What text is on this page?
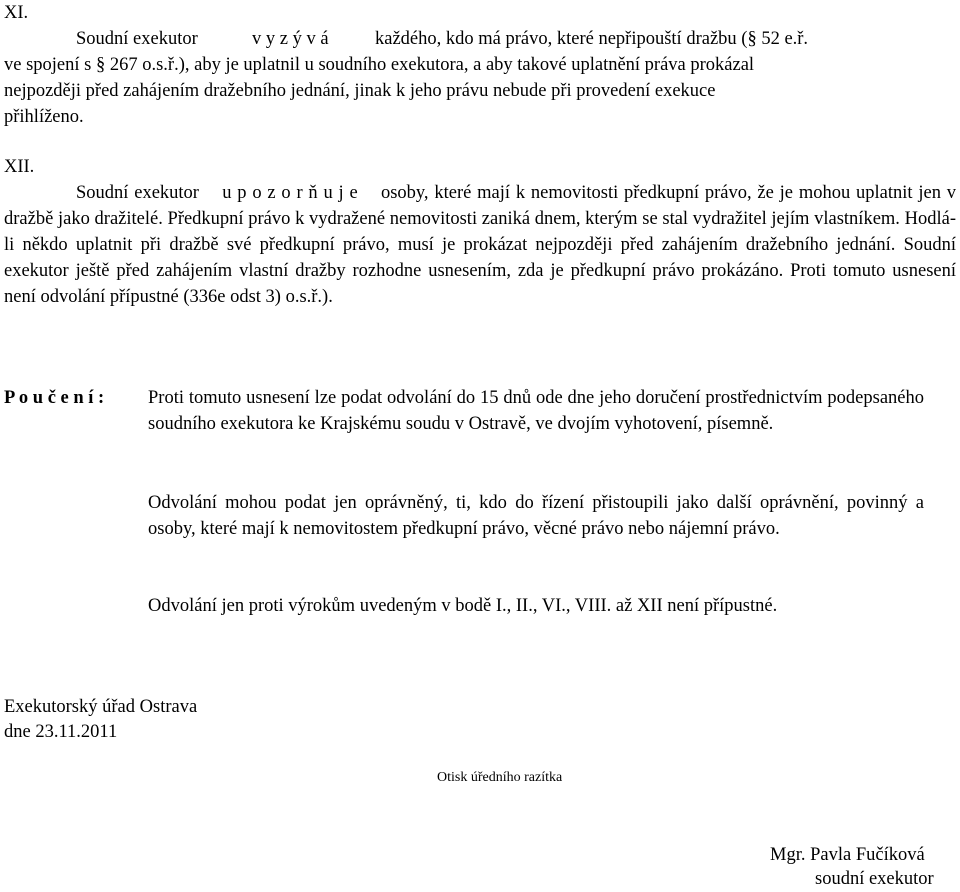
XI.
Soudní exekutor	v y z ý v á	každého, kdo má právo, které nepřipouští dražbu (§ 52 e.ř.
ve spojení s § 267 o.s.ř.), aby je uplatnil u soudního exekutora, a aby takové uplatnění práva prokázal
nejpozději před zahájením dražebního jednání, jinak k jeho právu nebude při provedení exekuce
přihlíženo.
XII.
Soudní exekutor u p o z o r ň u j e osoby, které mají k nemovitosti předkupní právo, že je mohou uplatnit jen v dražbě jako dražitelé. Předkupní právo k vydražené nemovitosti zaniká dnem, kterým se stal vydražitel jejím vlastníkem. Hodlá-li někdo uplatnit při dražbě své předkupní právo, musí je prokázat nejpozději před zahájením dražebního jednání. Soudní exekutor ještě před zahájením vlastní dražby rozhodne usnesením, zda je předkupní právo prokázáno. Proti tomuto usnesení není odvolání přípustné (336e odst 3) o.s.ř.).
P o u č e n í : Proti tomuto usnesení lze podat odvolání do 15 dnů ode dne jeho doručení prostřednictvím podepsaného soudního exekutora ke Krajskému soudu v Ostravě, ve dvojím vyhotovení, písemně.
Odvolání mohou podat jen oprávněný, ti, kdo do řízení přistoupili jako další oprávnění, povinný a osoby, které mají k nemovitostem předkupní právo, věcné právo nebo nájemní právo.
Odvolání jen proti výrokům uvedeným v bodě I., II., VI., VIII. až XII není přípustné.
Exekutorský úřad Ostrava
dne 23.11.2011
Otisk úředního razítka
Mgr. Pavla Fučíková
soudní exekutor
